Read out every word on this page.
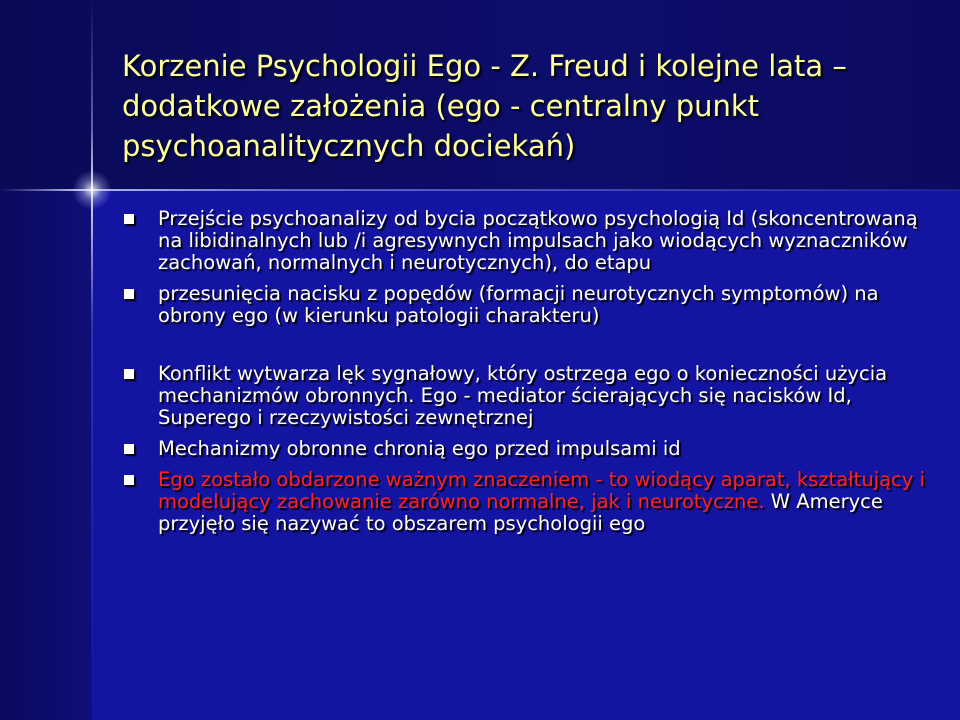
Korzenie Psychologii Ego - Z. Freud i kolejne lata – dodatkowe założenia (ego - centralny punkt psychoanalitycznych dociekań)
Przejście psychoanalizy od bycia początkowo psychologią Id (skoncentrowaną na libidinalnych lub /i agresywnych impulsach jako wiodących wyznaczników zachowań, normalnych i neurotycznych), do etapu
przesunięcia nacisku z popędów (formacji neurotycznych symptomów) na obrony ego (w kierunku patologii charakteru)
Konflikt wytwarza lęk sygnałowy, który ostrzega ego o konieczności użycia mechanizmów obronnych. Ego - mediator ścierających się nacisków Id, Superego i rzeczywistości zewnętrznej
Mechanizmy obronne chronią ego przed impulsami id
Ego zostało obdarzone ważnym znaczeniem - to wiodący aparat, kształtujący i modelujący zachowanie zarówno normalne, jak i neurotyczne. W Ameryce przyjęło się nazywać to obszarem psychologii ego
